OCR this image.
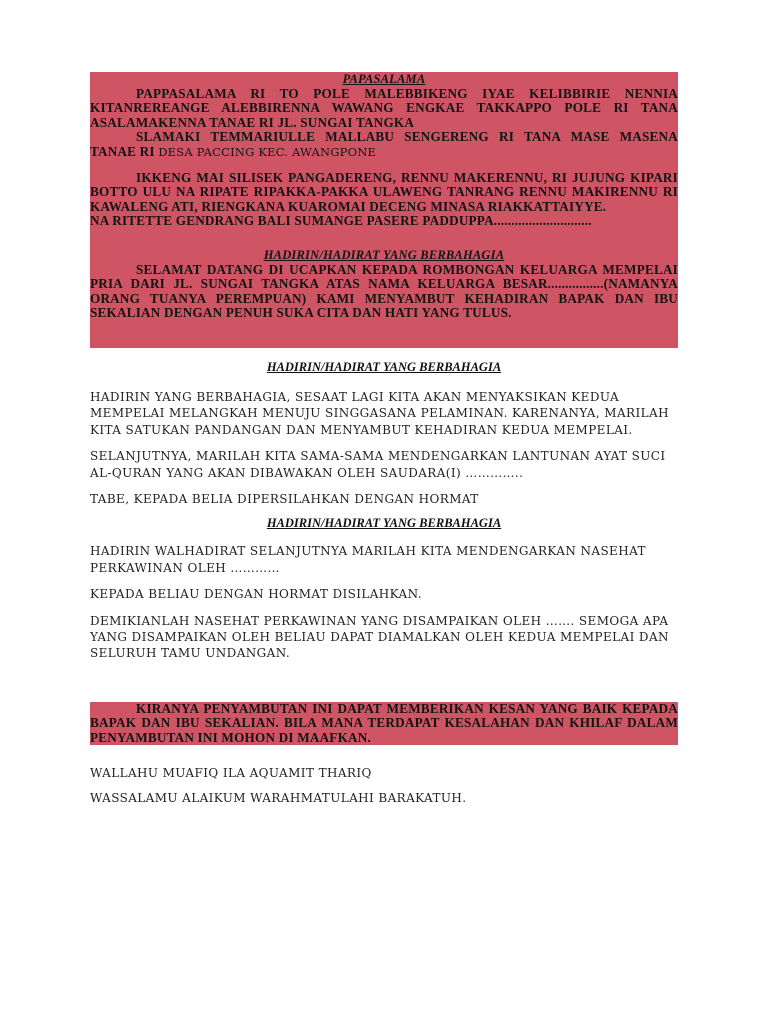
PAPASALAMA

PAPPASALAMA RI TO POLE MALEBBIKENG IYAE KELIBBIRIE NENNIA KITANREREANGE ALEBBIRENNA WAWANG ENGKAE TAKKAPPO POLE RI TANA ASALAMAKENNA TANAE RI JL. SUNGAI TANGKA

SLAMAKI TEMMARIULLE MALLABU SENGERENG RI TANA MASE MASENA TANAE RI DESA PACCING KEC. AWANGPONE

IKKENG MAI SILISEK PANGADERENG, RENNU MAKERENNU, RI JUJUNG KIPARI BOTTO ULU NA RIPATE RIPAKKA-PAKKA ULAWENG TANRANG RENNU MAKIRENNU RI KAWALENG ATI, RIENGKANA KUAROMAI DECENG MINASA RIAKKATTAIYYE.

NA RITETTE GENDRANG BALI SUMANGE PASERE PADDUPPA............................

HADIRIN/HADIRAT YANG BERBAHAGIA

SELAMAT DATANG DI UCAPKAN KEPADA ROMBONGAN KELUARGA MEMPELAI PRIA DARI JL. SUNGAI TANGKA ATAS NAMA KELUARGA BESAR................(NAMANYA ORANG TUANYA PEREMPUAN) KAMI MENYAMBUT KEHADIRAN BAPAK DAN IBU SEKALIAN DENGAN PENUH SUKA CITA DAN HATI YANG TULUS.

HADIRIN/HADIRAT YANG BERBAHAGIA

HADIRIN YANG BERBAHAGIA, SESAAT LAGI KITA AKAN MENYAKSIKAN KEDUA MEMPELAI MELANGKAH MENUJU SINGGASANA PELAMINAN. KARENANYA, MARILAH KITA SATUKAN PANDANGAN DAN MENYAMBUT KEHADIRAN KEDUA MEMPELAI.

SELANJUTNYA, MARILAH KITA SAMA-SAMA MENDENGARKAN LANTUNAN AYAT SUCI AL-QURAN YANG AKAN DIBAWAKAN OLEH SAUDARA(I) …………..

TABE, KEPADA BELIA DIPERSILAHKAN DENGAN HORMAT

HADIRIN/HADIRAT YANG BERBAHAGIA

HADIRIN WALHADIRAT SELANJUTNYA MARILAH KITA MENDENGARKAN NASEHAT PERKAWINAN OLEH …………

KEPADA BELIAU DENGAN HORMAT DISILAHKAN.

DEMIKIANLAH NASEHAT PERKAWINAN YANG DISAMPAIKAN OLEH ……. SEMOGA APA YANG DISAMPAIKAN OLEH BELIAU DAPAT DIAMALKAN OLEH KEDUA MEMPELAI DAN SELURUH TAMU UNDANGAN.

KIRANYA PENYAMBUTAN INI DAPAT MEMBERIKAN KESAN YANG BAIK KEPADA BAPAK DAN IBU SEKALIAN. BILA MANA TERDAPAT KESALAHAN DAN KHILAF DALAM PENYAMBUTAN INI MOHON DI MAAFKAN.

WALLAHU MUAFIQ ILA AQUAMIT THARIQ

WASSALAMU ALAIKUM WARAHMATULAHI BARAKATUH.
